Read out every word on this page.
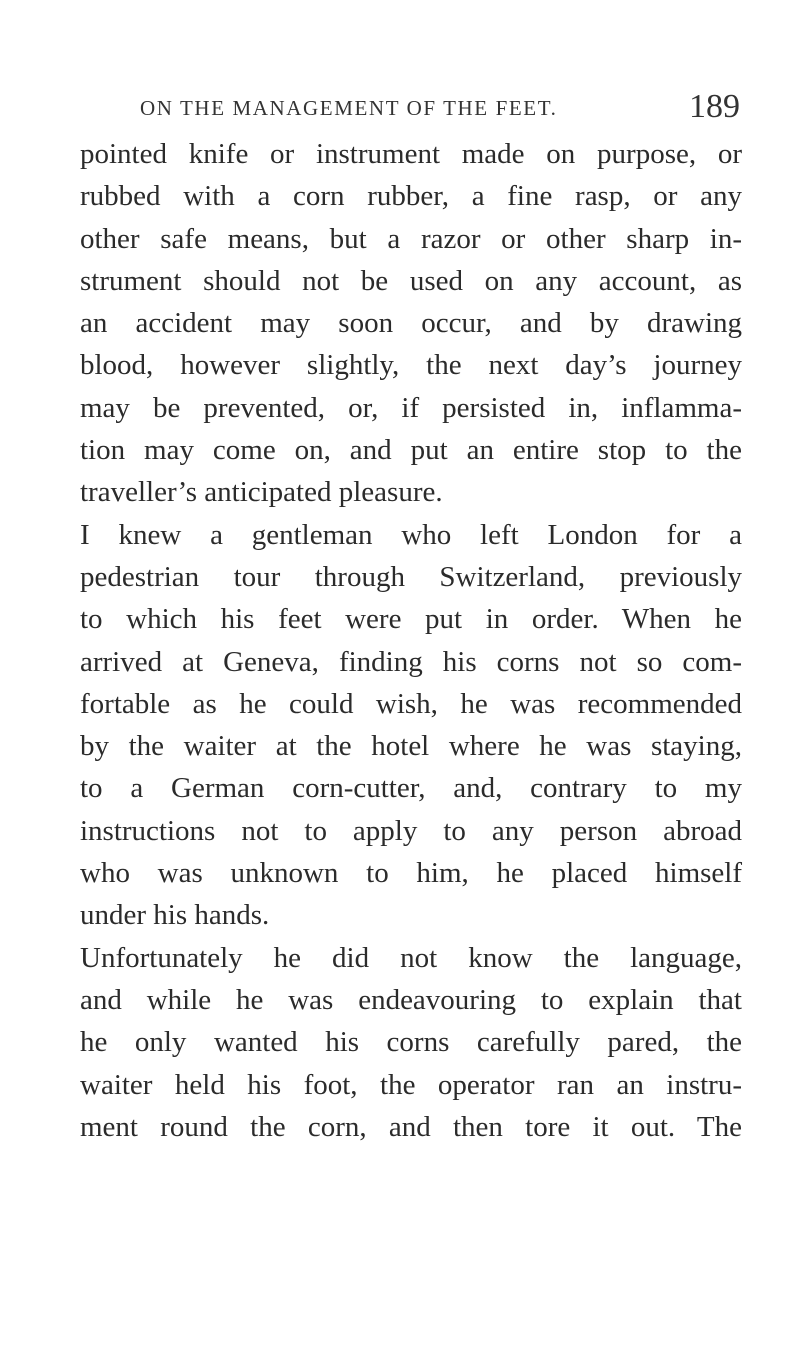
ON THE MANAGEMENT OF THE FEET.	189
pointed knife or instrument made on purpose, or
rubbed with a corn rubber, a fine rasp, or any
other safe means, but a razor or other sharp in-
strument should not be used on any account, as
an accident may soon occur, and by drawing
blood, however slightly, the next day’s journey
may be prevented, or, if persisted in, inflamma-
tion may come on, and put an entire stop to the
traveller’s anticipated pleasure.
I knew a gentleman who left London for a
pedestrian tour through Switzerland, previously
to which his feet were put in order. When he
arrived at Geneva, finding his corns not so com-
fortable as he could wish, he was recommended
by the waiter at the hotel where he was staying,
to a German corn-cutter, and, contrary to my
instructions not to apply to any person abroad
who was unknown to him, he placed himself
under his hands.
Unfortunately he did not know the language,
and while he was endeavouring to explain that
he only wanted his corns carefully pared, the
waiter held his foot, the operator ran an instru-
ment round the corn, and then tore it out. The
